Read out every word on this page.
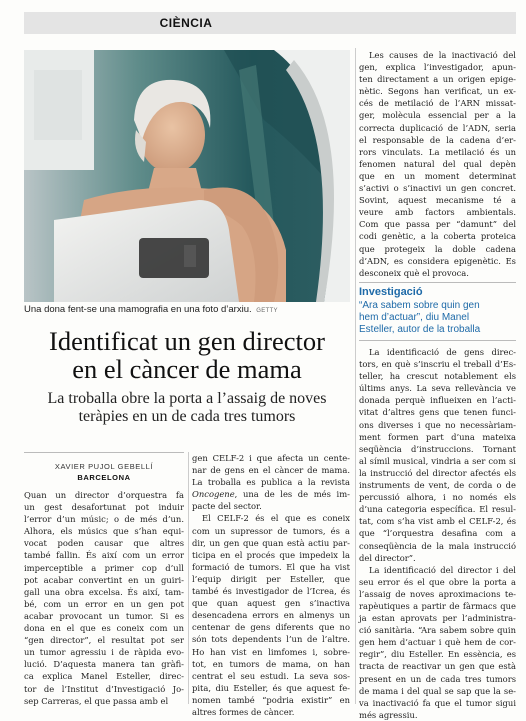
CIÈNCIA
Una dona fent-se una mamografia en una foto d’arxiu. GETTY
Identificat un gen director
en el càncer de mama
La troballa obre la porta a l’assaig de noves
teràpies en un de cada tres tumors
XAVIER PUJOL GEBELLÍ
BARCELONA
Quan un director d’orquestra fa
un gest desafortunat pot induir
l’error d’un músic; o de més d’un.
Alhora, els músics que s’han equi-
vocat poden causar que altres
també fallin. És així com un error
imperceptible a primer cop d’ull
pot acabar convertint en un guiri-
gall una obra excelsa. És així, tam-
bé, com un error en un gen pot
acabar provocant un tumor. Si es
dona en el que es coneix com un
“gen director”, el resultat pot ser
un tumor agressiu i de ràpida evo-
lució. D’aquesta manera tan gràfi-
ca explica Manel Esteller, direc-
tor de l’Institut d’Investigació Jo-
sep Carreras, el que passa amb el
gen CELF-2 i que afecta un cente-
nar de gens en el càncer de mama.
La troballa es publica a la revista
Oncogene, una de les de més im-
pacte del sector.
El CELF-2 és el que es coneix
com un supressor de tumors, és a
dir, un gen que quan està actiu par-
ticipa en el procés que impedeix la
formació de tumors. El que ha vist
l’equip dirigit per Esteller, que
també és investigador de l’Icrea, és
que quan aquest gen s’inactiva
desencadena errors en almenys un
centenar de gens diferents que no
són tots dependents l’un de l’altre.
Ho han vist en limfomes i, sobre-
tot, en tumors de mama, on han
centrat el seu estudi. La seva sos-
pita, diu Esteller, és que aquest fe-
nomen també “podria existir” en
altres formes de càncer.
Les causes de la inactivació del
gen, explica l’investigador, apun-
ten directament a un origen epige-
nètic. Segons han verificat, un ex-
cés de metilació de l’ARN missat-
ger, molècula essencial per a la
correcta duplicació de l’ADN, seria
el responsable de la cadena d’er-
rors vinculats. La metilació és un
fenomen natural del qual depèn
que en un moment determinat
s’activi o s’inactivi un gen concret.
Sovint, aquest mecanisme té a
veure amb factors ambientals.
Com que passa per “damunt” del
codi genètic, a la coberta proteica
que protegeix la doble cadena
d’ADN, es considera epigenètic. Es
desconeix què el provoca.
Investigació
“Ara sabem sobre quin gen
hem d’actuar”, diu Manel
Esteller, autor de la troballa
La identificació de gens direc-
tors, en què s’inscriu el treball d’Es-
teller, ha crescut notablement els
últims anys. La seva rellevància ve
donada perquè influeixen en l’acti-
vitat d’altres gens que tenen funci-
ons diverses i que no necessàriam-
ment formen part d’una mateixa
seqüència d’instruccions. Tornant
al símil musical, vindria a ser com si
la instrucció del director afectés els
instruments de vent, de corda o de
percussió alhora, i no només els
d’una categoria específica. El resul-
tat, com s’ha vist amb el CELF-2, és
que “l’orquestra desafina com a
conseqüència de la mala instrucció
del director”.
La identificació del director i del
seu error és el que obre la porta a
l’assaig de noves aproximacions te-
rapèutiques a partir de fàrmacs que
ja estan aprovats per l’administra-
ció sanitària. “Ara sabem sobre quin
gen hem d’actuar i què hem de cor-
regir”, diu Esteller. En essència, es
tracta de reactivar un gen que està
present en un de cada tres tumors
de mama i del qual se sap que la se-
va inactivació fa que el tumor sigui
més agressiu.
